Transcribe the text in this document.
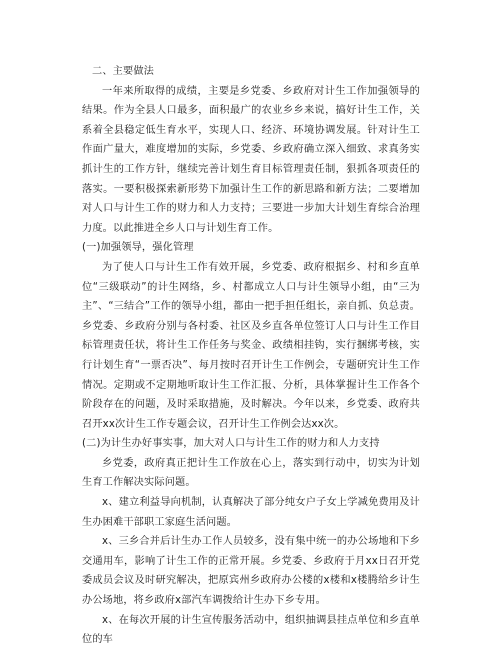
二、主要做法

一年来所取得的成绩，主要是乡党委、乡政府对计生工作加强领导的结果。作为全县人口最多，面积最广的农业乡乡来说，搞好计生工作，关系着全县稳定低生育水平，实现人口、经济、环境协调发展。针对计生工作面广量大，难度增加的实际，乡党委、乡政府确立深入细致、求真务实抓计生的工作方针，继续完善计划生育目标管理责任制，狠抓各项责任的落实。一要积极探索新形势下加强计生工作的新思路和新方法；二要增加对人口与计生工作的财力和人力支持；三要进一步加大计划生育综合治理力度。以此推进全乡人口与计划生育工作。

(一)加强领导，强化管理

为了使人口与计生工作有效开展，乡党委、政府根据乡、村和乡直单位“三级联动”的计生网络，乡、村都成立人口与计生领导小组，由“三为主”、“三结合”工作的领导小组，都由一把手担任组长，亲自抓、负总责。乡党委、乡政府分别与各村委、社区及乡直各单位签订人口与计生工作目标管理责任状，将计生工作任务与奖金、政绩相挂钩，实行捆绑考核，实行计划生育“一票否决”、每月按时召开计生工作例会，专题研究计生工作情况。定期或不定期地听取计生工作汇报、分析，具体掌握计生工作各个阶段存在的问题，及时采取措施，及时解决。今年以来，乡党委、政府共召开xx次计生工作专题会议，召开计生工作例会达xx次。

(二)为计生办好事实事，加大对人口与计生工作的财力和人力支持

乡党委，政府真正把计生工作放在心上，落实到行动中，切实为计划生育工作解决实际问题。

x、建立利益导向机制，认真解决了部分纯女户子女上学减免费用及计生办困难干部职工家庭生活问题。

x、三乡合并后计生办工作人员较多，没有集中统一的办公场地和下乡交通用车，影响了计生工作的正常开展。乡党委、乡政府于月xx日召开党委成员会议及时研究解决，把原宾州乡政府办公楼的x楼和x楼腾给乡计生办公场地，将乡政府x部汽车调拨给计生办下乡专用。

x、在每次开展的计生宣传服务活动中，组织抽调县挂点单位和乡直单位的车
